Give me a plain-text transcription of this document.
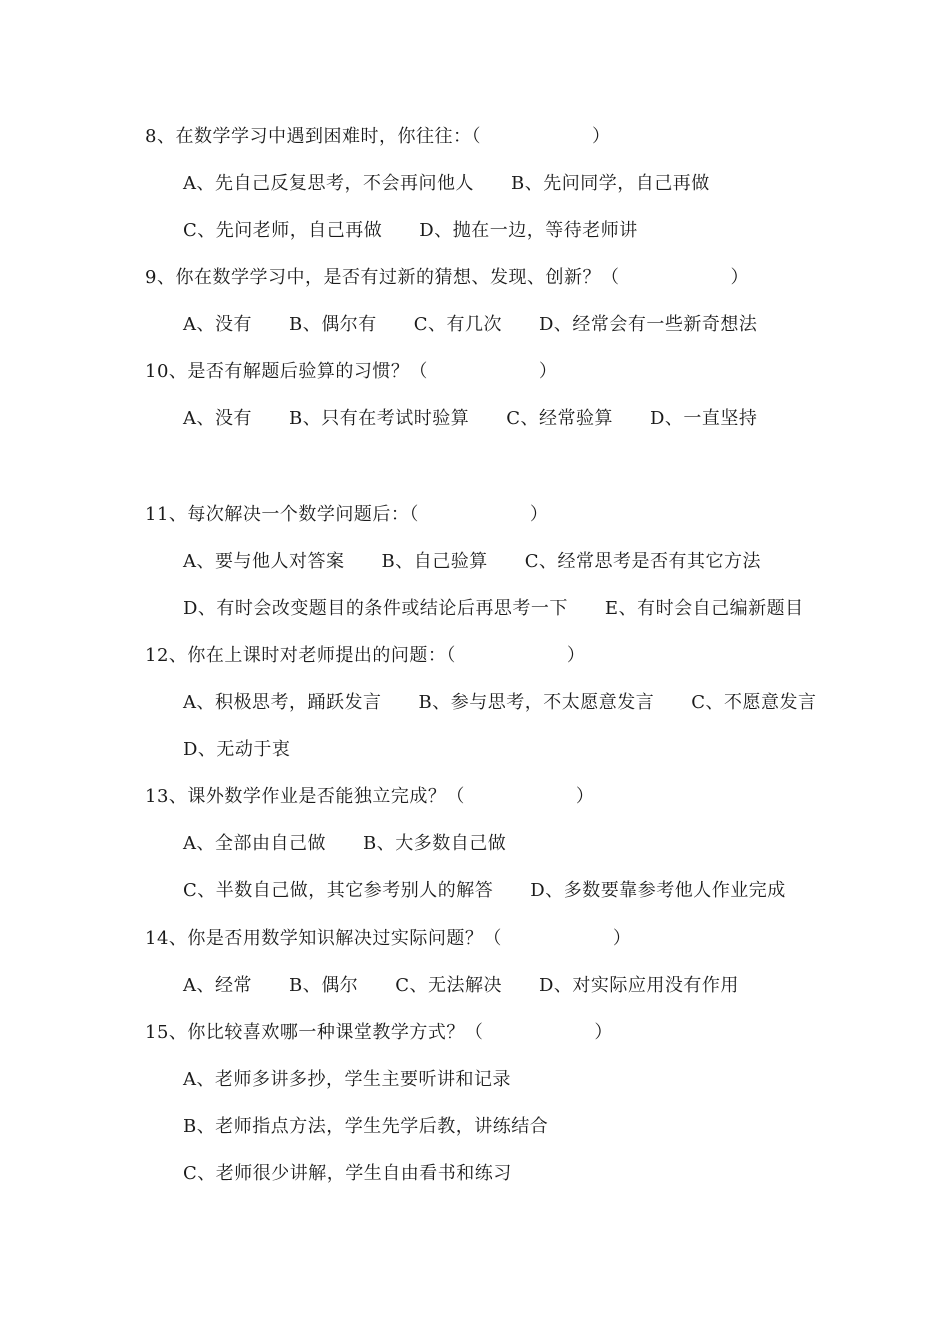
8、在数学学习中遇到困难时，你往往：（　　　　　　）
A、先自己反复思考，不会再问他人　　B、先问同学，自己再做
C、先问老师，自己再做　　D、抛在一边，等待老师讲
9、你在数学学习中，是否有过新的猜想、发现、创新？（　　　　　　）
A、没有　　B、偶尔有　　C、有几次　　D、经常会有一些新奇想法
10、是否有解题后验算的习惯？（　　　　　　）
A、没有　　B、只有在考试时验算　　C、经常验算　　D、一直坚持
11、每次解决一个数学问题后：（　　　　　　）
A、要与他人对答案　　B、自己验算　　C、经常思考是否有其它方法
D、有时会改变题目的条件或结论后再思考一下　　E、有时会自己编新题目
12、你在上课时对老师提出的问题：（　　　　　　）
A、积极思考，踊跃发言　　B、参与思考，不太愿意发言　　C、不愿意发言
D、无动于衷
13、课外数学作业是否能独立完成？（　　　　　　）
A、全部由自己做　　B、大多数自己做
C、半数自己做，其它参考别人的解答　　D、多数要靠参考他人作业完成
14、你是否用数学知识解决过实际问题？（　　　　　　）
A、经常　　B、偶尔　　C、无法解决　　D、对实际应用没有作用
15、你比较喜欢哪一种课堂教学方式？（　　　　　　）
A、老师多讲多抄，学生主要听讲和记录
B、老师指点方法，学生先学后教，讲练结合
C、老师很少讲解，学生自由看书和练习
